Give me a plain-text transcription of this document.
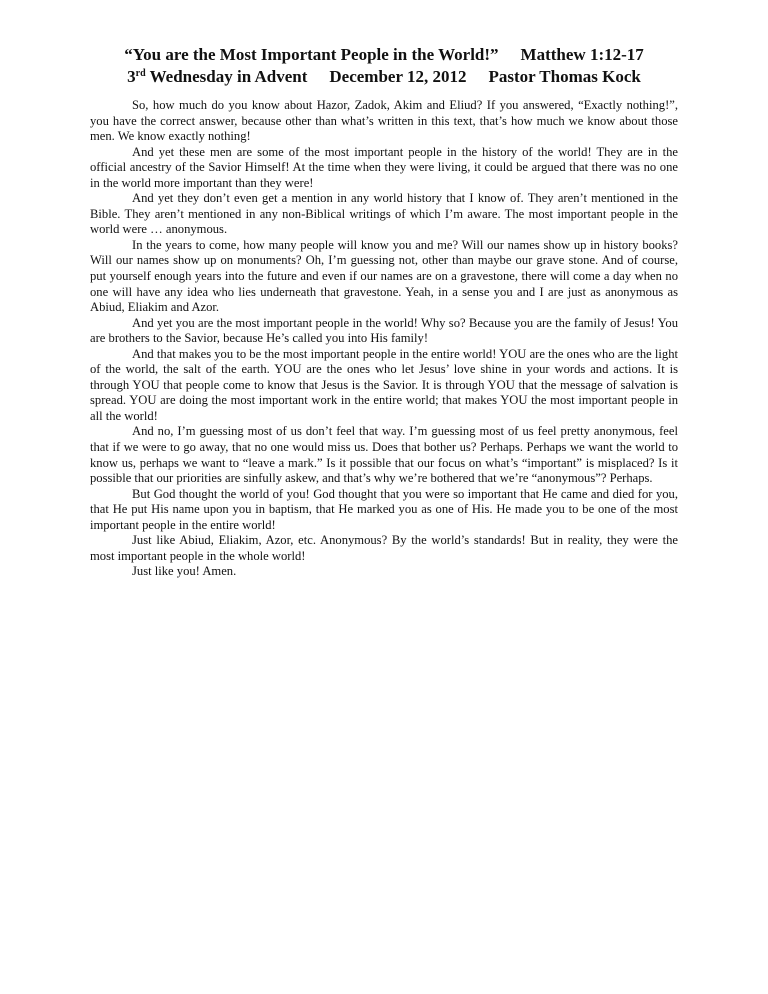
“You are the Most Important People in the World!” Matthew 1:12-17
3rd Wednesday in Advent December 12, 2012 Pastor Thomas Kock

So, how much do you know about Hazor, Zadok, Akim and Eliud? If you answered, “Exactly nothing!”, you have the correct answer, because other than what’s written in this text, that’s how much we know about those men. We know exactly nothing!

And yet these men are some of the most important people in the history of the world! They are in the official ancestry of the Savior Himself! At the time when they were living, it could be argued that there was no one in the world more important than they were!

And yet they don’t even get a mention in any world history that I know of. They aren’t mentioned in the Bible. They aren’t mentioned in any non-Biblical writings of which I’m aware. The most important people in the world were … anonymous.

In the years to come, how many people will know you and me? Will our names show up in history books? Will our names show up on monuments? Oh, I’m guessing not, other than maybe our grave stone. And of course, put yourself enough years into the future and even if our names are on a gravestone, there will come a day when no one will have any idea who lies underneath that gravestone. Yeah, in a sense you and I are just as anonymous as Abiud, Eliakim and Azor.

And yet you are the most important people in the world! Why so? Because you are the family of Jesus! You are brothers to the Savior, because He’s called you into His family!

And that makes you to be the most important people in the entire world! YOU are the ones who are the light of the world, the salt of the earth. YOU are the ones who let Jesus’ love shine in your words and actions. It is through YOU that people come to know that Jesus is the Savior. It is through YOU that the message of salvation is spread. YOU are doing the most important work in the entire world; that makes YOU the most important people in all the world!

And no, I’m guessing most of us don’t feel that way. I’m guessing most of us feel pretty anonymous, feel that if we were to go away, that no one would miss us. Does that bother us? Perhaps. Perhaps we want the world to know us, perhaps we want to “leave a mark.” Is it possible that our focus on what’s “important” is misplaced? Is it possible that our priorities are sinfully askew, and that’s why we’re bothered that we’re “anonymous”? Perhaps.

But God thought the world of you! God thought that you were so important that He came and died for you, that He put His name upon you in baptism, that He marked you as one of His. He made you to be one of the most important people in the entire world!

Just like Abiud, Eliakim, Azor, etc. Anonymous? By the world’s standards! But in reality, they were the most important people in the whole world!

Just like you! Amen.
